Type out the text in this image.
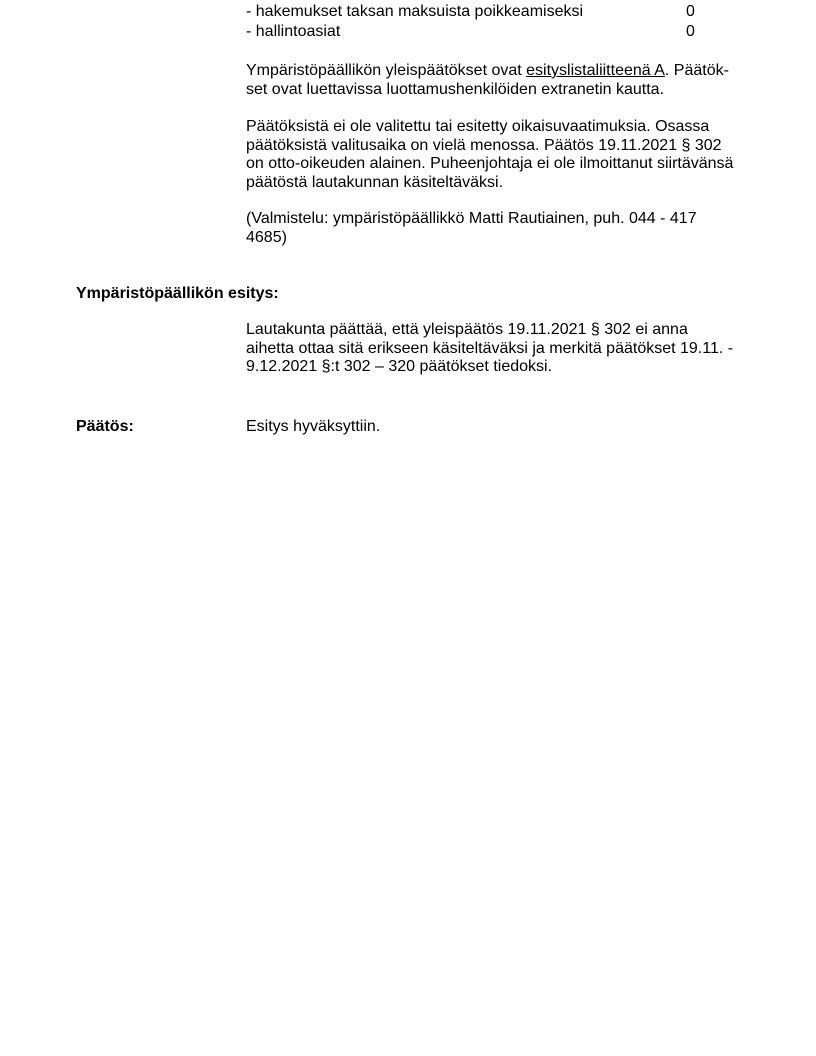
- hakemukset taksan maksuista poikkeamiseksi	0
- hallintoasiat	0

Ympäristöpäällikön yleispäätökset ovat esityslistaliitteenä A. Päätök-
set ovat luettavissa luottamushenkilöiden extranetin kautta.

Päätöksistä ei ole valitettu tai esitetty oikaisuvaatimuksia. Osassa
päätöksistä valitusaika on vielä menossa. Päätös 19.11.2021 § 302
on otto-oikeuden alainen. Puheenjohtaja ei ole ilmoittanut siirtävänsä
päätöstä lautakunnan käsiteltäväksi.

(Valmistelu: ympäristöpäällikkö Matti Rautiainen, puh. 044 - 417
4685)

Ympäristöpäällikön esitys:

Lautakunta päättää, että yleispäätös 19.11.2021 § 302 ei anna
aihetta ottaa sitä erikseen käsiteltäväksi ja merkitä päätökset 19.11. -
9.12.2021 §:t 302 – 320 päätökset tiedoksi.

Päätös:	Esitys hyväksyttiin.
